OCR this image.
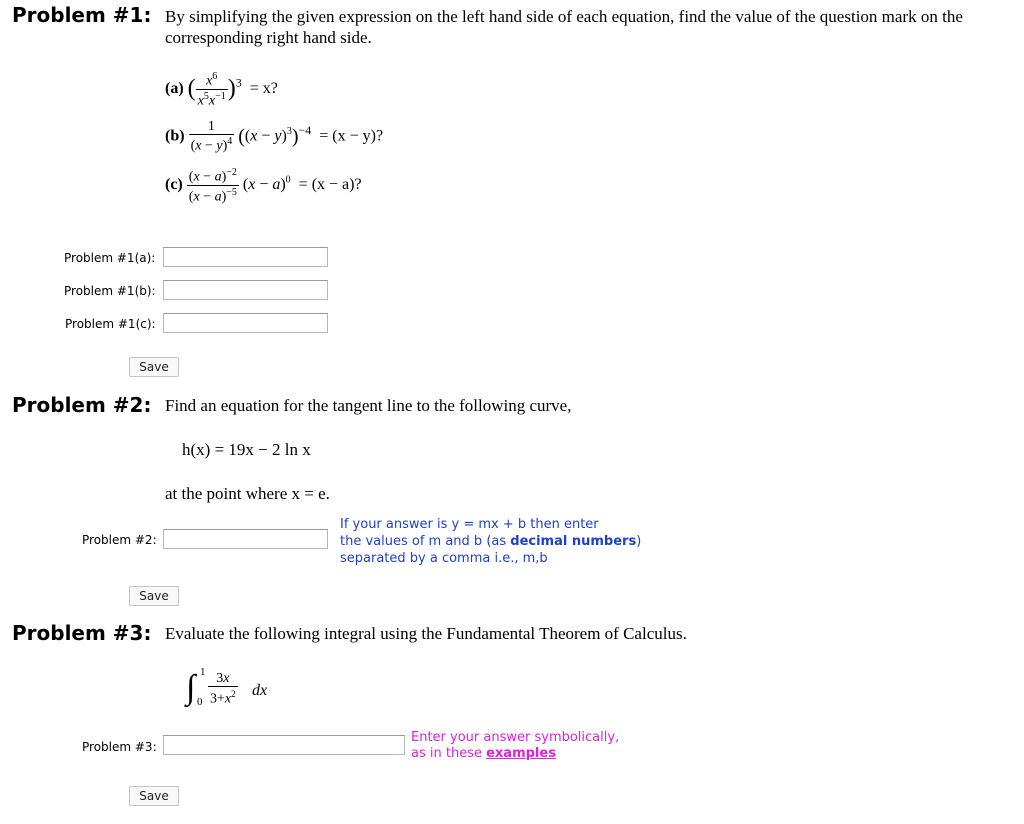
Problem #1: By simplifying the given expression on the left hand side of each equation, find the value of the question mark on the corresponding right hand side.
(a) ( $\frac{x^6}{x^5x^{-1}} )^3 = x$?
$(b) \frac{1}{(x - y)^4} ((x - y)^3)^{-4} = (x - y)$?
$(c) \frac{(x - a)^{-2}}{(x - a)^{-5}} (x - a)^0 = (x - a)$?
Problem #1(a):
Problem #1(b):
Problem #1(c):
Save
Problem #2: Find an equation for the tangent line to the following curve,
h(x) = 19x − 2 ln x
at the point where x = e.
Problem #2:
If your answer is y = mx + b then enter
the values of m and b (as decimal numbers)
separated by a comma i.e., m,b
Save
Problem #3: Evaluate the following integral using the Fundamental Theorem of Calculus.
∫ 1
$0 \frac{3x}{3+x^2}$ dx
Problem #3:
Enter your answer symbolically,
as in these examples
Save
